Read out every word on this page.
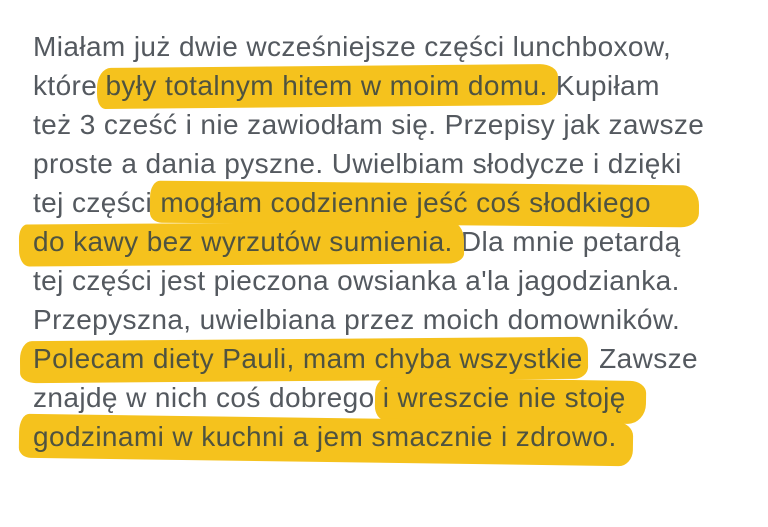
Miałam już dwie wcześniejsze części lunchboxow,
które były totalnym hitem w moim domu. Kupiłam
też 3 cześć i nie zawiodłam się. Przepisy jak zawsze
proste a dania pyszne. Uwielbiam słodycze i dzięki
tej części mogłam codziennie jeść coś słodkiego
do kawy bez wyrzutów sumienia. Dla mnie petardą
tej części jest pieczona owsianka a'la jagodzianka.
Przepyszna, uwielbiana przez moich domowników.
Polecam diety Pauli, mam chyba wszystkie. Zawsze
znajdę w nich coś dobrego i wreszcie nie stoję
godzinami w kuchni a jem smacznie i zdrowo.
